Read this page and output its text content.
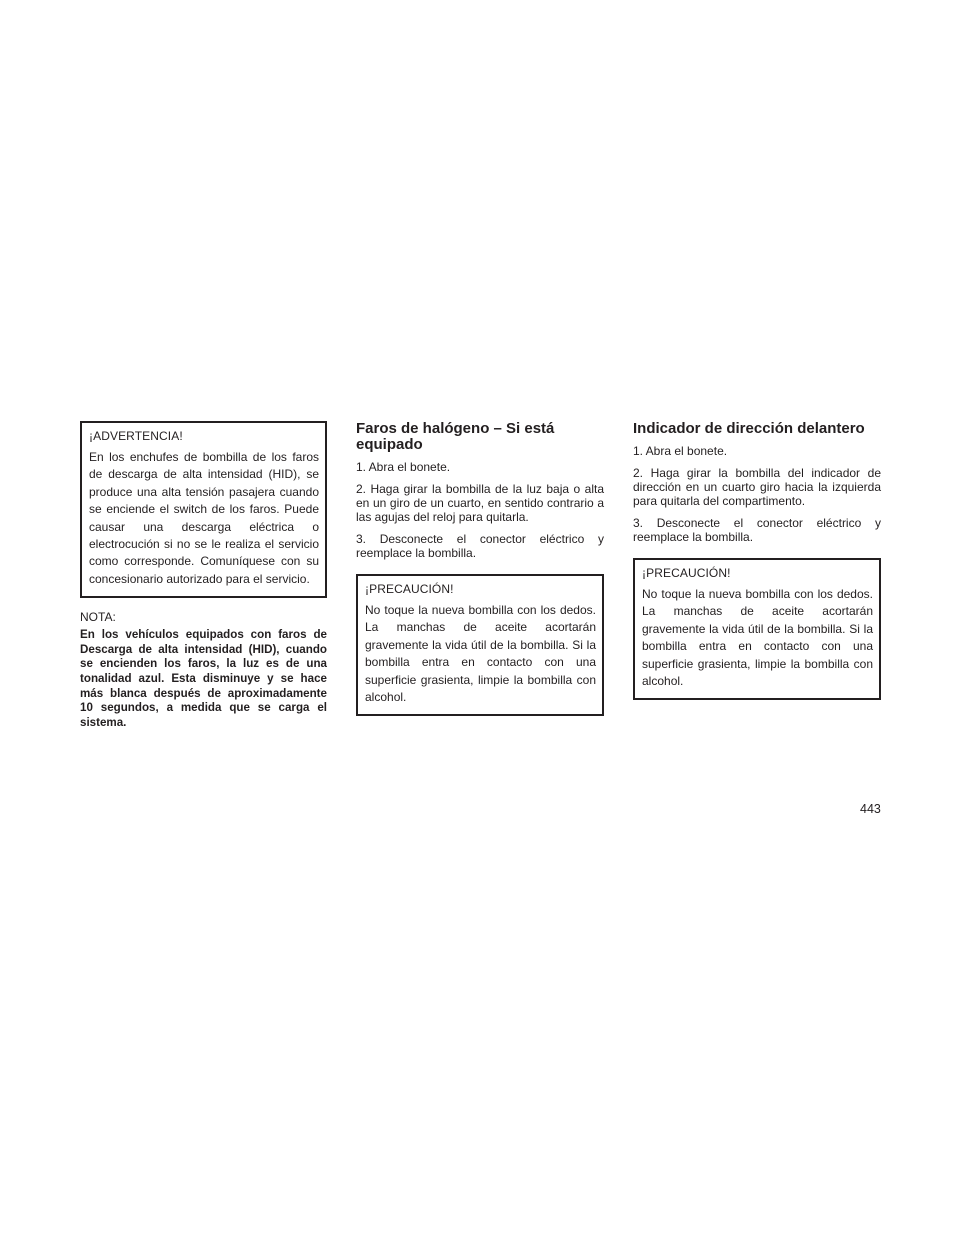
¡ADVERTENCIA!

En los enchufes de bombilla de los faros de descarga de alta intensidad (HID), se produce una alta tensión pasajera cuando se enciende el switch de los faros. Puede causar una descarga eléctrica o electrocución si no se le realiza el servicio como corresponde. Comuníquese con su concesionario autorizado para el servicio.

NOTA:

En los vehículos equipados con faros de Descarga de alta intensidad (HID), cuando se encienden los faros, la luz es de una tonalidad azul. Esta disminuye y se hace más blanca después de aproximadamente 10 segundos, a medida que se carga el sistema.

Faros de halógeno – Si está equipado

1. Abra el bonete.

2. Haga girar la bombilla de la luz baja o alta en un giro de un cuarto, en sentido contrario a las agujas del reloj para quitarla.

3. Desconecte el conector eléctrico y reemplace la bombilla.

¡PRECAUCIÓN!

No toque la nueva bombilla con los dedos. La manchas de aceite acortarán gravemente la vida útil de la bombilla. Si la bombilla entra en contacto con una superficie grasienta, limpie la bombilla con alcohol.

Indicador de dirección delantero

1. Abra el bonete.

2. Haga girar la bombilla del indicador de dirección en un cuarto giro hacia la izquierda para quitarla del compartimento.

3. Desconecte el conector eléctrico y reemplace la bombilla.

¡PRECAUCIÓN!

No toque la nueva bombilla con los dedos. La manchas de aceite acortarán gravemente la vida útil de la bombilla. Si la bombilla entra en contacto con una superficie grasienta, limpie la bombilla con alcohol.

443
